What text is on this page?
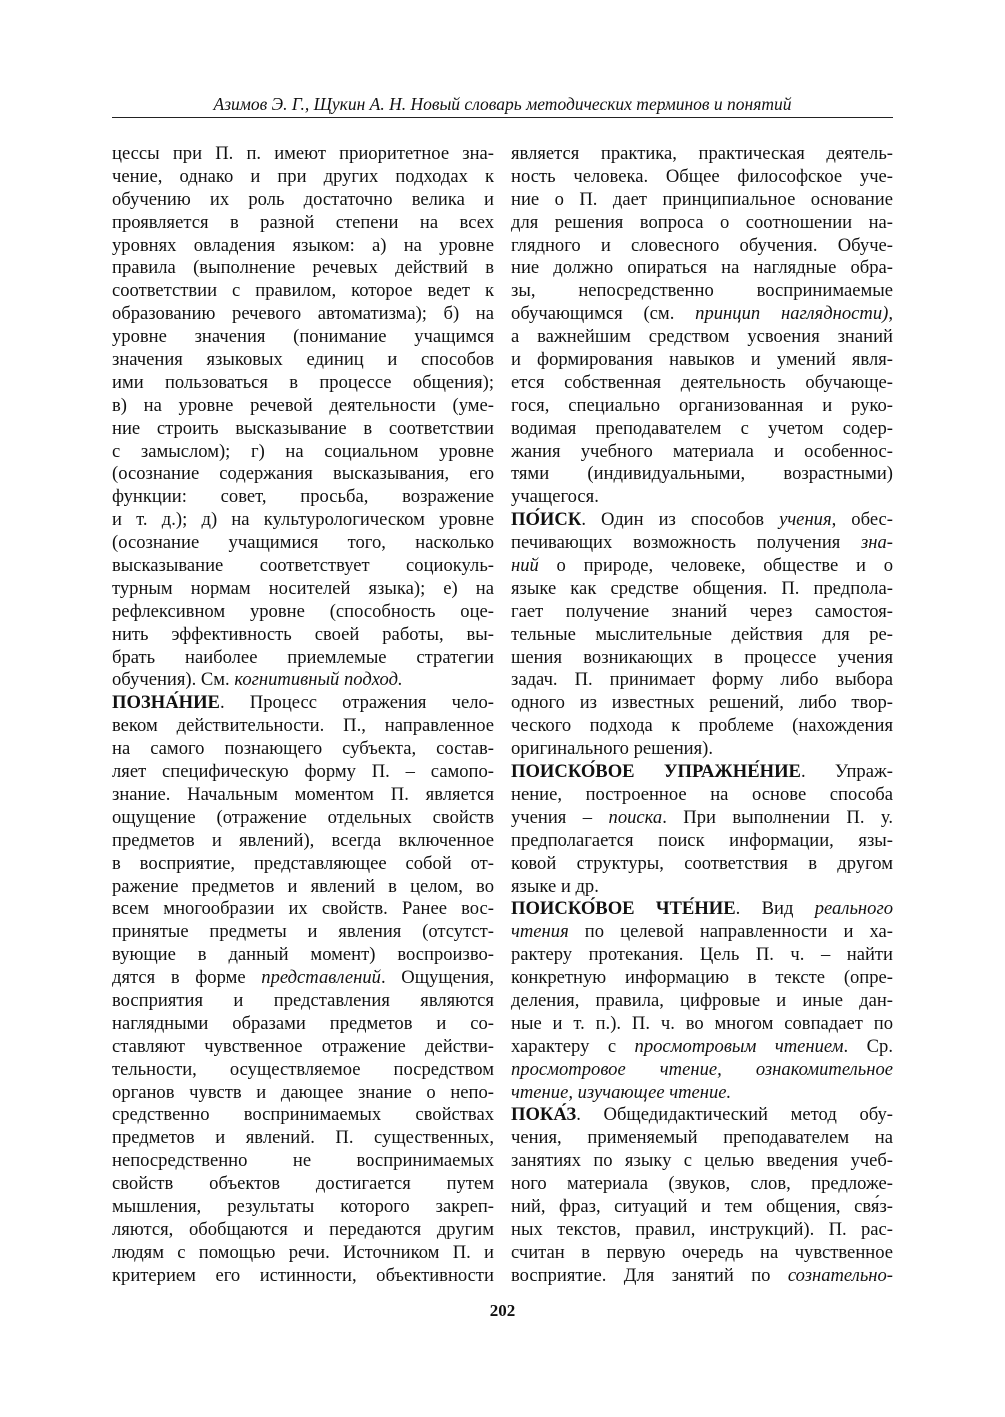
Азимов Э. Г., Щукин А. Н. Новый словарь методических терминов и понятий
цессы при П. п. имеют приоритетное зна-
чение, однако и при других подходах к
обучению их роль достаточно велика и
проявляется в разной степени на всех
уровнях овладения языком: а) на уровне
правила (выполнение речевых действий в
соответствии с правилом, которое ведет к
образованию речевого автоматизма); б) на
уровне значения (понимание учащимся
значения языковых единиц и способов
ими пользоваться в процессе общения);
в) на уровне речевой деятельности (уме-
ние строить высказывание в соответствии
с замыслом); г) на социальном уровне
(осознание содержания высказывания, его
функции: совет, просьба, возражение
и т. д.); д) на культурологическом уровне
(осознание учащимися того, насколько
высказывание соответствует социокуль-
турным нормам носителей языка); е) на
рефлексивном уровне (способность оце-
нить эффективность своей работы, вы-
брать наиболее приемлемые стратегии
обучения). См. когнитивный подход.
ПОЗНА́НИЕ. Процесс отражения чело-
веком действительности. П., направленное
на самого познающего субъекта, состав-
ляет специфическую форму П. – самопо-
знание. Начальным моментом П. является
ощущение (отражение отдельных свойств
предметов и явлений), всегда включенное
в восприятие, представляющее собой от-
ражение предметов и явлений в целом, во
всем многообразии их свойств. Ранее вос-
принятые предметы и явления (отсутст-
вующие в данный момент) воспроизво-
дятся в форме представлений. Ощущения,
восприятия и представления являются
наглядными образами предметов и со-
ставляют чувственное отражение действи-
тельности, осуществляемое посредством
органов чувств и дающее знание о непо-
средственно воспринимаемых свойствах
предметов и явлений. П. существенных,
непосредственно не воспринимаемых
свойств объектов достигается путем
мышления, результаты которого закреп-
ляются, обобщаются и передаются другим
людям с помощью речи. Источником П. и
критерием его истинности, объективности
является практика, практическая деятель-
ность человека. Общее философское уче-
ние о П. дает принципиальное основание
для решения вопроса о соотношении на-
глядного и словесного обучения. Обуче-
ние должно опираться на наглядные обра-
зы, непосредственно воспринимаемые
обучающимся (см. принцип наглядности),
а важнейшим средством усвоения знаний
и формирования навыков и умений явля-
ется собственная деятельность обучающе-
гося, специально организованная и руко-
водимая преподавателем с учетом содер-
жания учебного материала и особеннос-
тями (индивидуальными, возрастными)
учащегося.
ПО́ИСК. Один из способов учения, обес-
печивающих возможность получения зна-
ний о природе, человеке, обществе и о
языке как средстве общения. П. предпола-
гает получение знаний через самостоя-
тельные мыслительные действия для ре-
шения возникающих в процессе учения
задач. П. принимает форму либо выбора
одного из известных решений, либо твор-
ческого подхода к проблеме (нахождения
оригинального решения).
ПОИСКО́ВОЕ УПРАЖНЕ́НИЕ. Упраж-
нение, построенное на основе способа
учения – поиска. При выполнении П. у.
предполагается поиск информации, язы-
ковой структуры, соответствия в другом
языке и др.
ПОИСКО́ВОЕ ЧТЕ́НИЕ. Вид реального
чтения по целевой направленности и ха-
рактеру протекания. Цель П. ч. – найти
конкретную информацию в тексте (опре-
деления, правила, цифровые и иные дан-
ные и т. п.). П. ч. во многом совпадает по
характеру с просмотровым чтением. Ср.
просмотровое чтение, ознакомительное
чтение, изучающее чтение.
ПОКА́З. Общедидактический метод обу-
чения, применяемый преподавателем на
занятиях по языку с целью введения учеб-
ного материала (звуков, слов, предложе-
ний, фраз, ситуаций и тем общения, свя́з-
ных текстов, правил, инструкций). П. рас-
считан в первую очередь на чувственное
восприятие. Для занятий по сознательно-
202
